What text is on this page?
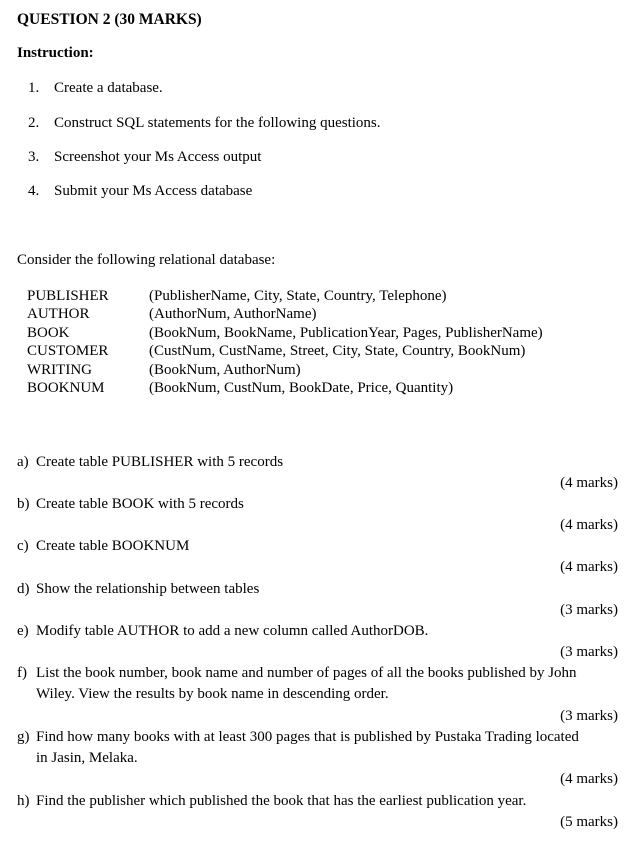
QUESTION 2 (30 MARKS)
Instruction:
1. Create a database.
2. Construct SQL statements for the following questions.
3. Screenshot your Ms Access output
4. Submit your Ms Access database
Consider the following relational database:
PUBLISHER	(PublisherName, City, State, Country, Telephone)
AUTHOR	(AuthorNum, AuthorName)
BOOK	(BookNum, BookName, PublicationYear, Pages, PublisherName)
CUSTOMER	(CustNum, CustName, Street, City, State, Country, BookNum)
WRITING	(BookNum, AuthorNum)
BOOKNUM	(BookNum, CustNum, BookDate, Price, Quantity)
a) Create table PUBLISHER with 5 records
(4 marks)
b) Create table BOOK with 5 records
(4 marks)
c) Create table BOOKNUM
(4 marks)
d) Show the relationship between tables
(3 marks)
e) Modify table AUTHOR to add a new column called AuthorDOB.
(3 marks)
f) List the book number, book name and number of pages of all the books published by John
Wiley. View the results by book name in descending order.
(3 marks)
g) Find how many books with at least 300 pages that is published by Pustaka Trading located
in Jasin, Melaka.
(4 marks)
h) Find the publisher which published the book that has the earliest publication year.
(5 marks)
